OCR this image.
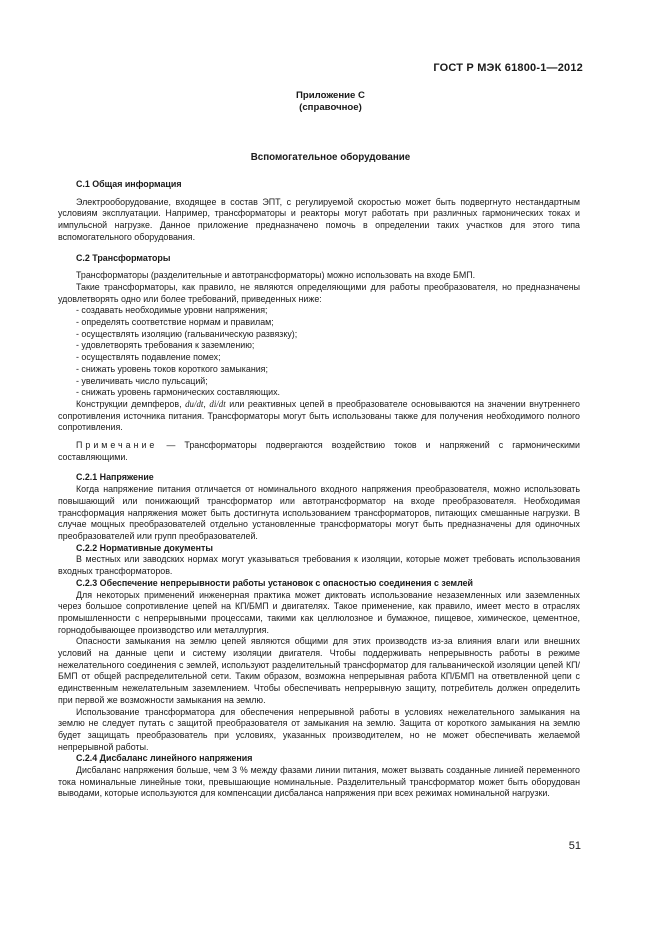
ГОСТ Р МЭК 61800-1—2012
Приложение С
(справочное)
Вспомогательное оборудование
С.1 Общая информация

Электрооборудование, входящее в состав ЭПТ, с регулируемой скоростью может быть подвергнуто нестандартным условиям эксплуатации. Например, трансформаторы и реакторы могут работать при различных гармонических токах и импульсной нагрузке. Данное приложение предназначено помочь в определении таких участков для этого типа вспомогательного оборудования.

С.2 Трансформаторы

Трансформаторы (разделительные и автотрансформаторы) можно использовать на входе БМП.

Такие трансформаторы, как правило, не являются определяющими для работы преобразователя, но предназначены удовлетворять одно или более требований, приведенных ниже:

- создавать необходимые уровни напряжения;
- определять соответствие нормам и правилам;
- осуществлять изоляцию (гальваническую развязку);
- удовлетворять требования к заземлению;
- осуществлять подавление помех;
- снижать уровень токов короткого замыкания;
- увеличивать число пульсаций;
- снижать уровень гармонических составляющих.

Конструкции демпферов, du/dt, di/dt или реактивных цепей в преобразователе основываются на значении внутреннего сопротивления источника питания. Трансформаторы могут быть использованы также для получения необходимого полного сопротивления.

Примечание — Трансформаторы подвергаются воздействию токов и напряжений с гармоническими составляющими.

С.2.1 Напряжение

Когда напряжение питания отличается от номинального входного напряжения преобразователя, можно использовать повышающий или понижающий трансформатор или автотрансформатор на входе преобразователя. Необходимая трансформация напряжения может быть достигнута использованием трансформаторов, питающих смешанные нагрузки. В случае мощных преобразователей отдельно установленные трансформаторы могут быть предназначены для одиночных преобразователей или групп преобразователей.

С.2.2 Нормативные документы

В местных или заводских нормах могут указываться требования к изоляции, которые может требовать использования входных трансформаторов.

С.2.3 Обеспечение непрерывности работы установок с опасностью соединения с землей

Для некоторых применений инженерная практика может диктовать использование незаземленных или заземленных через большое сопротивление цепей на КП/БМП и двигателях. Такое применение, как правило, имеет место в отраслях промышленности с непрерывными процессами, такими как целлюлозное и бумажное, пищевое, химическое, цементное, горнодобывающее производство или металлургия.

Опасности замыкания на землю цепей являются общими для этих производств из-за влияния влаги или внешних условий на данные цепи и систему изоляции двигателя. Чтобы поддерживать непрерывность работы в режиме нежелательного соединения с землей, используют разделительный трансформатор для гальванической изоляции цепей КП/БМП от общей распределительной сети. Таким образом, возможна непрерывная работа КП/БМП на ответвленной цепи с единственным нежелательным заземлением. Чтобы обеспечивать непрерывную защиту, потребитель должен определить при первой же возможности замыкания на землю.

Использование трансформатора для обеспечения непрерывной работы в условиях нежелательного замыкания на землю не следует путать с защитой преобразователя от замыкания на землю. Защита от короткого замыкания на землю будет защищать преобразователь при условиях, указанных производителем, но не может обеспечивать желаемой непрерывной работы.

С.2.4 Дисбаланс линейного напряжения

Дисбаланс напряжения больше, чем 3 % между фазами линии питания, может вызвать созданные линией переменного тока номинальные линейные токи, превышающие номинальные. Разделительный трансформатор может быть оборудован выводами, которые используются для компенсации дисбаланса напряжения при всех режимах номинальной нагрузки.

51
